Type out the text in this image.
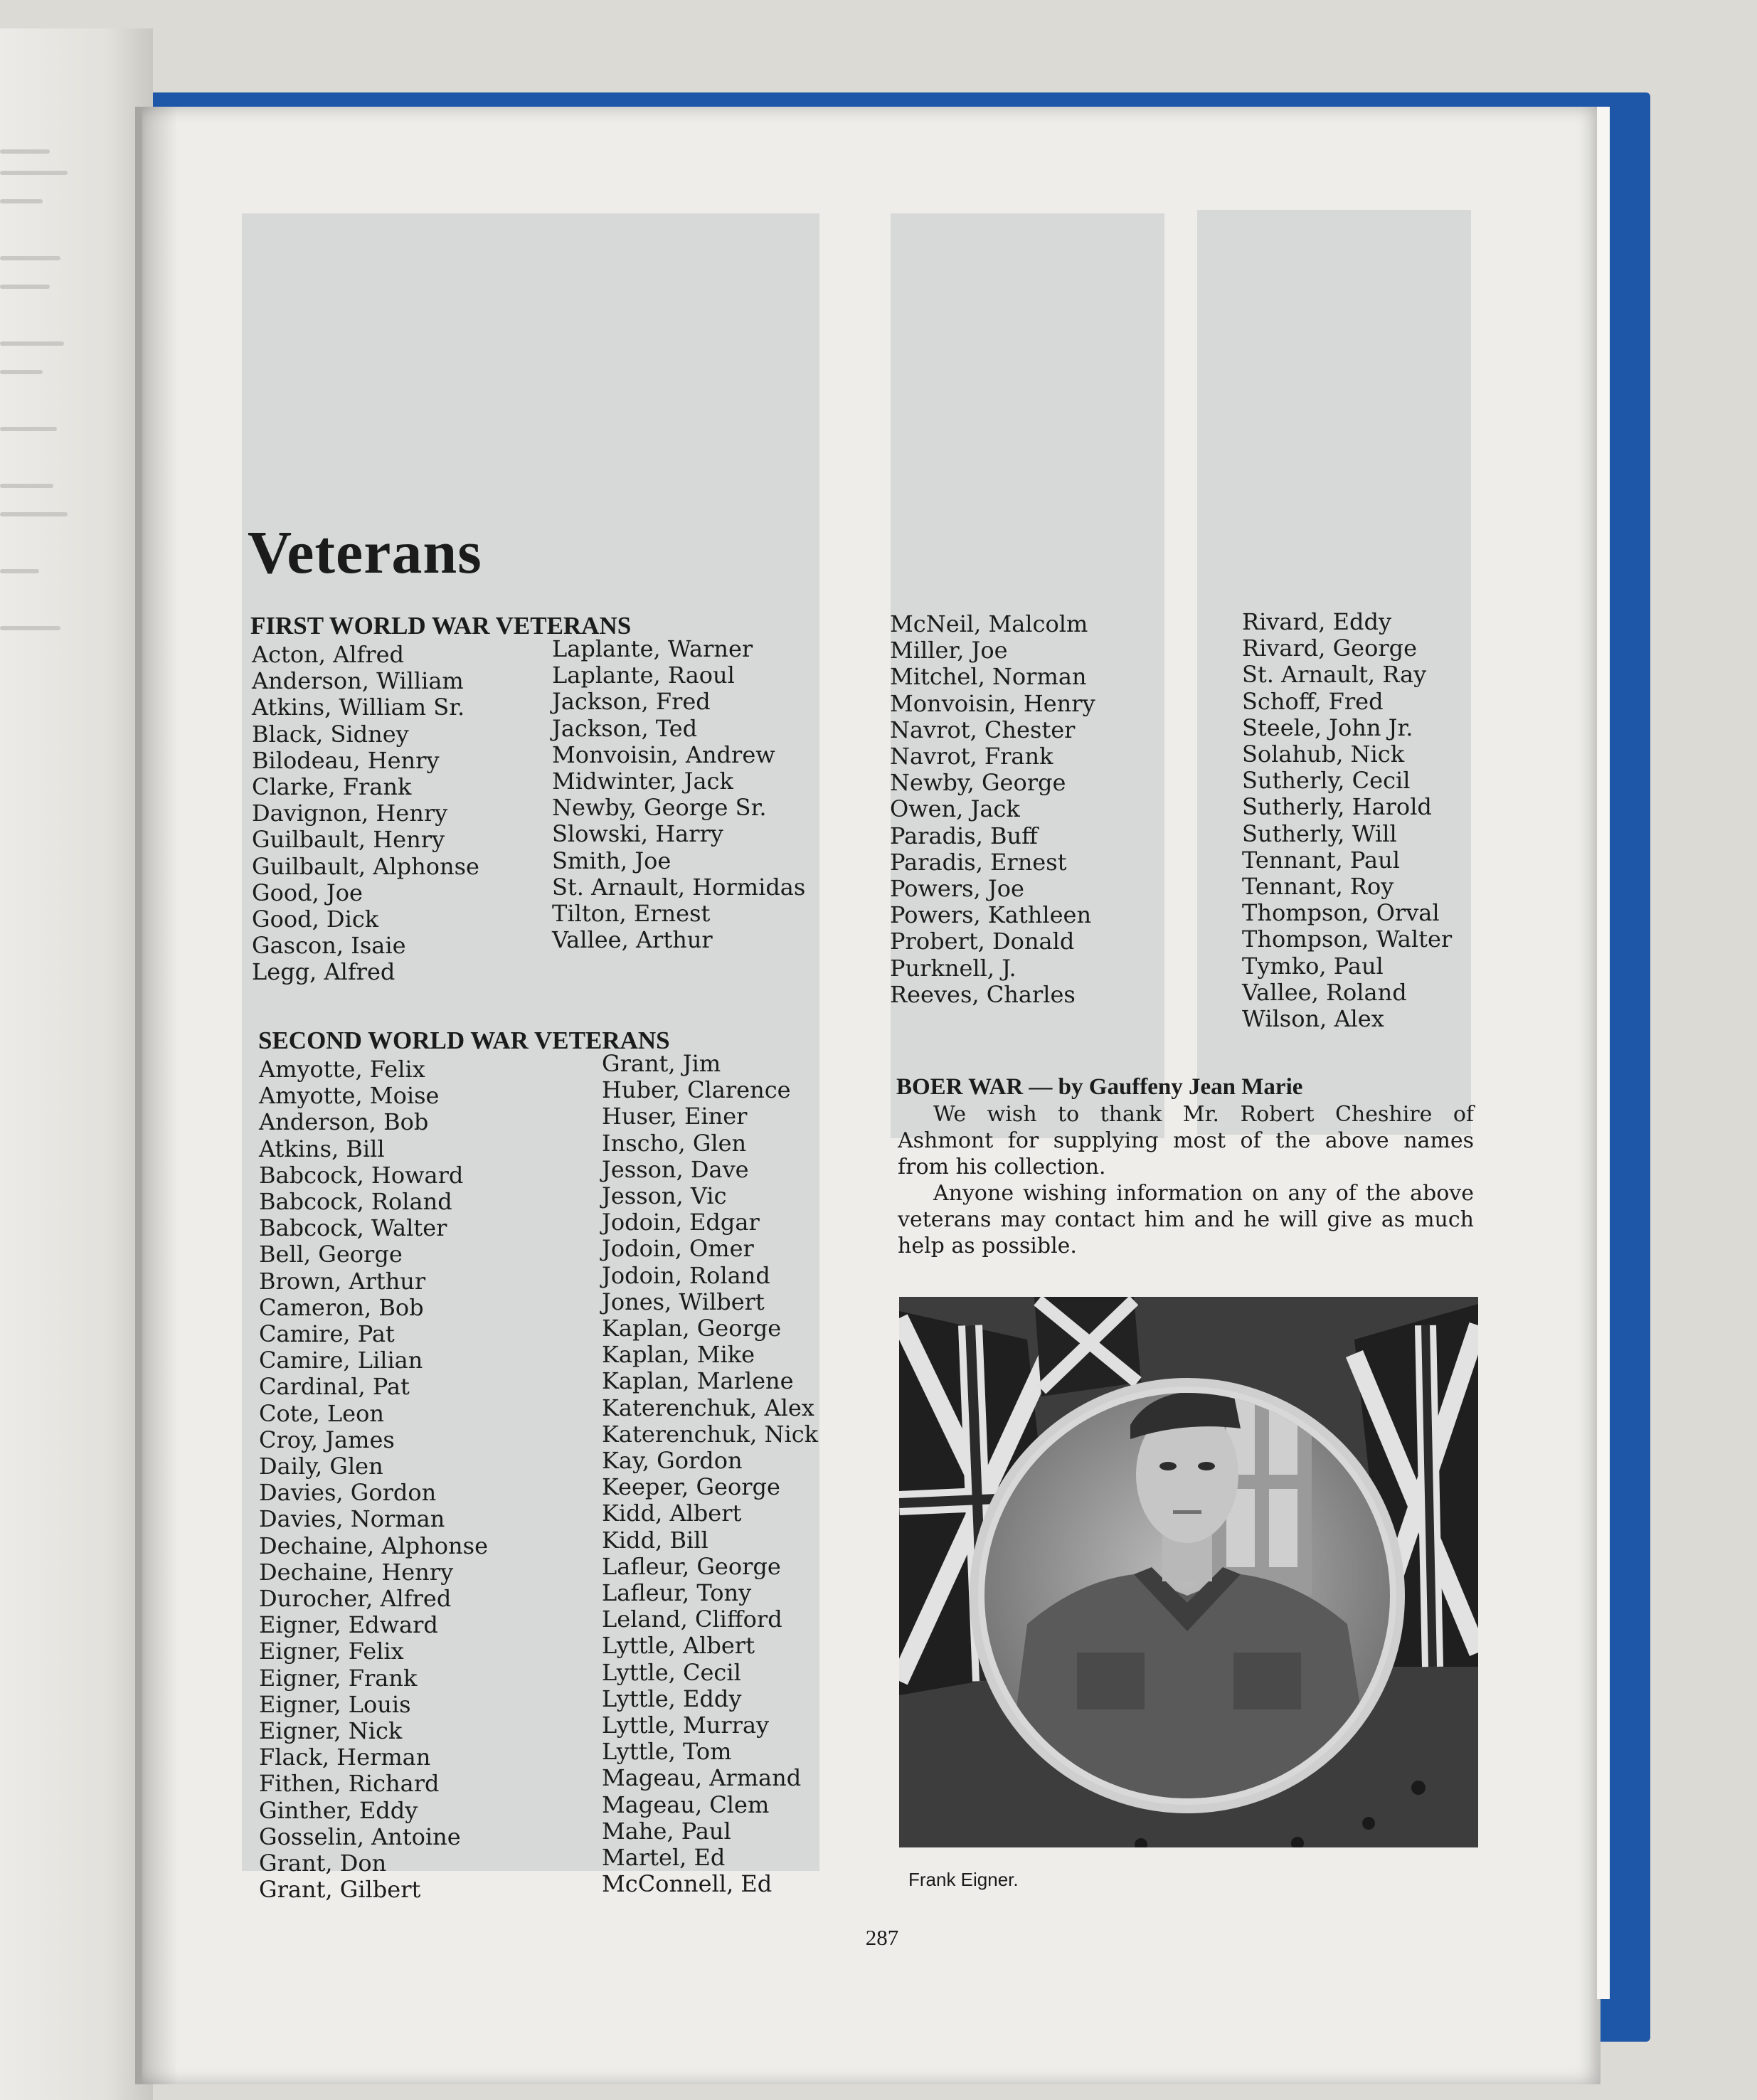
Veterans
FIRST WORLD WAR VETERANS
Acton, Alfred
Anderson, William
Atkins, William Sr.
Black, Sidney
Bilodeau, Henry
Clarke, Frank
Davignon, Henry
Guilbault, Henry
Guilbault, Alphonse
Good, Joe
Good, Dick
Gascon, Isaie
Legg, Alfred
Laplante, Warner
Laplante, Raoul
Jackson, Fred
Jackson, Ted
Monvoisin, Andrew
Midwinter, Jack
Newby, George Sr.
Slowski, Harry
Smith, Joe
St. Arnault, Hormidas
Tilton, Ernest
Vallee, Arthur
SECOND WORLD WAR VETERANS
Amyotte, Felix
Amyotte, Moise
Anderson, Bob
Atkins, Bill
Babcock, Howard
Babcock, Roland
Babcock, Walter
Bell, George
Brown, Arthur
Cameron, Bob
Camire, Pat
Camire, Lilian
Cardinal, Pat
Cote, Leon
Croy, James
Daily, Glen
Davies, Gordon
Davies, Norman
Dechaine, Alphonse
Dechaine, Henry
Durocher, Alfred
Eigner, Edward
Eigner, Felix
Eigner, Frank
Eigner, Louis
Eigner, Nick
Flack, Herman
Fithen, Richard
Ginther, Eddy
Gosselin, Antoine
Grant, Don
Grant, Gilbert
Grant, Jim
Huber, Clarence
Huser, Einer
Inscho, Glen
Jesson, Dave
Jesson, Vic
Jodoin, Edgar
Jodoin, Omer
Jodoin, Roland
Jones, Wilbert
Kaplan, George
Kaplan, Mike
Kaplan, Marlene
Katerenchuk, Alex
Katerenchuk, Nick
Kay, Gordon
Keeper, George
Kidd, Albert
Kidd, Bill
Lafleur, George
Lafleur, Tony
Leland, Clifford
Lyttle, Albert
Lyttle, Cecil
Lyttle, Eddy
Lyttle, Murray
Lyttle, Tom
Mageau, Armand
Mageau, Clem
Mahe, Paul
Martel, Ed
McConnell, Ed
McNeil, Malcolm
Miller, Joe
Mitchel, Norman
Monvoisin, Henry
Navrot, Chester
Navrot, Frank
Newby, George
Owen, Jack
Paradis, Buff
Paradis, Ernest
Powers, Joe
Powers, Kathleen
Probert, Donald
Purknell, J.
Reeves, Charles
Rivard, Eddy
Rivard, George
St. Arnault, Ray
Schoff, Fred
Steele, John Jr.
Solahub, Nick
Sutherly, Cecil
Sutherly, Harold
Sutherly, Will
Tennant, Paul
Tennant, Roy
Thompson, Orval
Thompson, Walter
Tymko, Paul
Vallee, Roland
Wilson, Alex
BOER WAR — by Gauffeny Jean Marie

We wish to thank Mr. Robert Cheshire of Ashmont for supplying most of the above names from his collection.

Anyone wishing information on any of the above veterans may contact him and he will give as much help as possible.

Frank Eigner.
287
